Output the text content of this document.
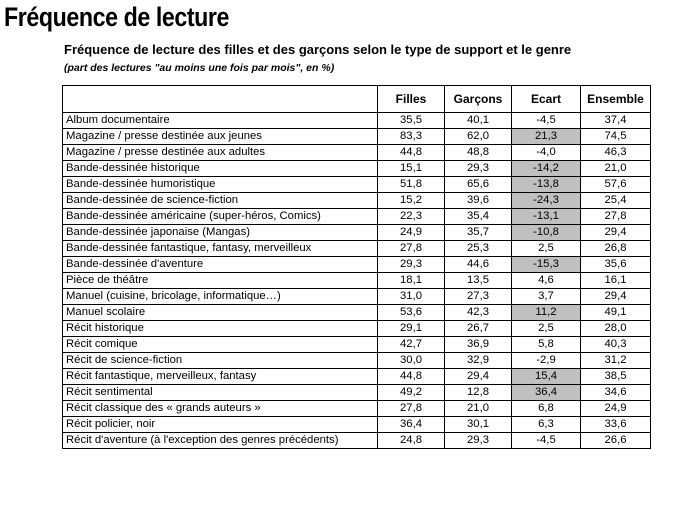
Fréquence de lecture
Fréquence de lecture des filles et des garçons selon le type de support et le genre
(part des lectures "au moins une fois par mois", en %)
	Filles	Garçons	Ecart	Ensemble
Album documentaire	35,5	40,1	-4,5	37,4
Magazine / presse destinée aux jeunes	83,3	62,0	21,3	74,5
Magazine / presse destinée aux adultes	44,8	48,8	-4,0	46,3
Bande-dessinée historique	15,1	29,3	-14,2	21,0
Bande-dessinée humoristique	51,8	65,6	-13,8	57,6
Bande-dessinée de science-fiction	15,2	39,6	-24,3	25,4
Bande-dessinée américaine (super-héros, Comics)	22,3	35,4	-13,1	27,8
Bande-dessinée japonaise (Mangas)	24,9	35,7	-10,8	29,4
Bande-dessinée fantastique, fantasy, merveilleux	27,8	25,3	2,5	26,8
Bande-dessinée d'aventure	29,3	44,6	-15,3	35,6
Pièce de théâtre	18,1	13,5	4,6	16,1
Manuel (cuisine, bricolage, informatique…)	31,0	27,3	3,7	29,4
Manuel scolaire	53,6	42,3	11,2	49,1
Récit historique	29,1	26,7	2,5	28,0
Récit comique	42,7	36,9	5,8	40,3
Récit de science-fiction	30,0	32,9	-2,9	31,2
Récit fantastique, merveilleux, fantasy	44,8	29,4	15,4	38,5
Récit sentimental	49,2	12,8	36,4	34,6
Récit classique des « grands auteurs »	27,8	21,0	6,8	24,9
Récit policier, noir	36,4	30,1	6,3	33,6
Récit d'aventure (à l'exception des genres précédents)	24,8	29,3	-4,5	26,6
